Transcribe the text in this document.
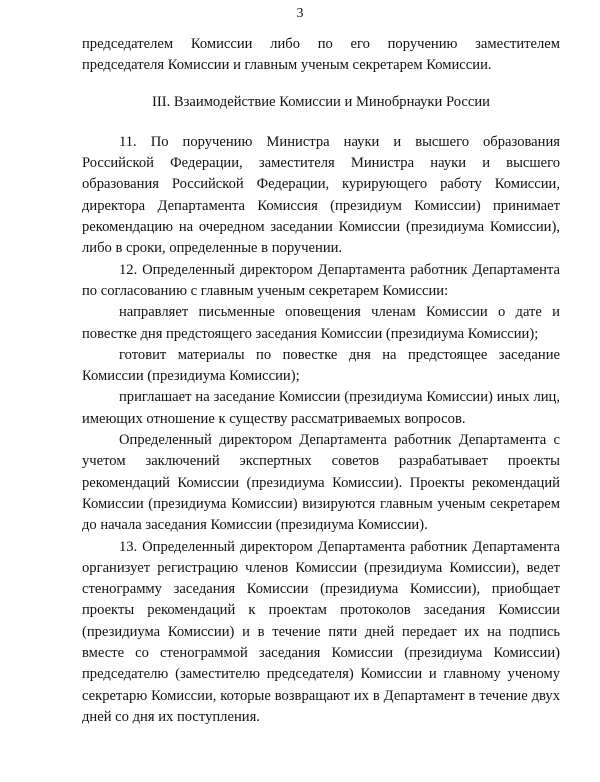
3

председателем Комиссии либо по его поручению заместителем председателя Комиссии и главным ученым секретарем Комиссии.

III. Взаимодействие Комиссии и Минобрнауки России

11. По поручению Министра науки и высшего образования Российской Федерации, заместителя Министра науки и высшего образования Российской Федерации, курирующего работу Комиссии, директора Департамента Комиссия (президиум Комиссии) принимает рекомендацию на очередном заседании Комиссии (президиума Комиссии), либо в сроки, определенные в поручении.

12. Определенный директором Департамента работник Департамента по согласованию с главным ученым секретарем Комиссии:

направляет письменные оповещения членам Комиссии о дате и повестке дня предстоящего заседания Комиссии (президиума Комиссии);

готовит материалы по повестке дня на предстоящее заседание Комиссии (президиума Комиссии);

приглашает на заседание Комиссии (президиума Комиссии) иных лиц, имеющих отношение к существу рассматриваемых вопросов.

Определенный директором Департамента работник Департамента с учетом заключений экспертных советов разрабатывает проекты рекомендаций Комиссии (президиума Комиссии). Проекты рекомендаций Комиссии (президиума Комиссии) визируются главным ученым секретарем до начала заседания Комиссии (президиума Комиссии).

13. Определенный директором Департамента работник Департамента организует регистрацию членов Комиссии (президиума Комиссии), ведет стенограмму заседания Комиссии (президиума Комиссии), приобщает проекты рекомендаций к проектам протоколов заседания Комиссии (президиума Комиссии) и в течение пяти дней передает их на подпись вместе со стенограммой заседания Комиссии (президиума Комиссии) председателю (заместителю председателя) Комиссии и главному ученому секретарю Комиссии, которые возвращают их в Департамент в течение двух дней со дня их поступления.
